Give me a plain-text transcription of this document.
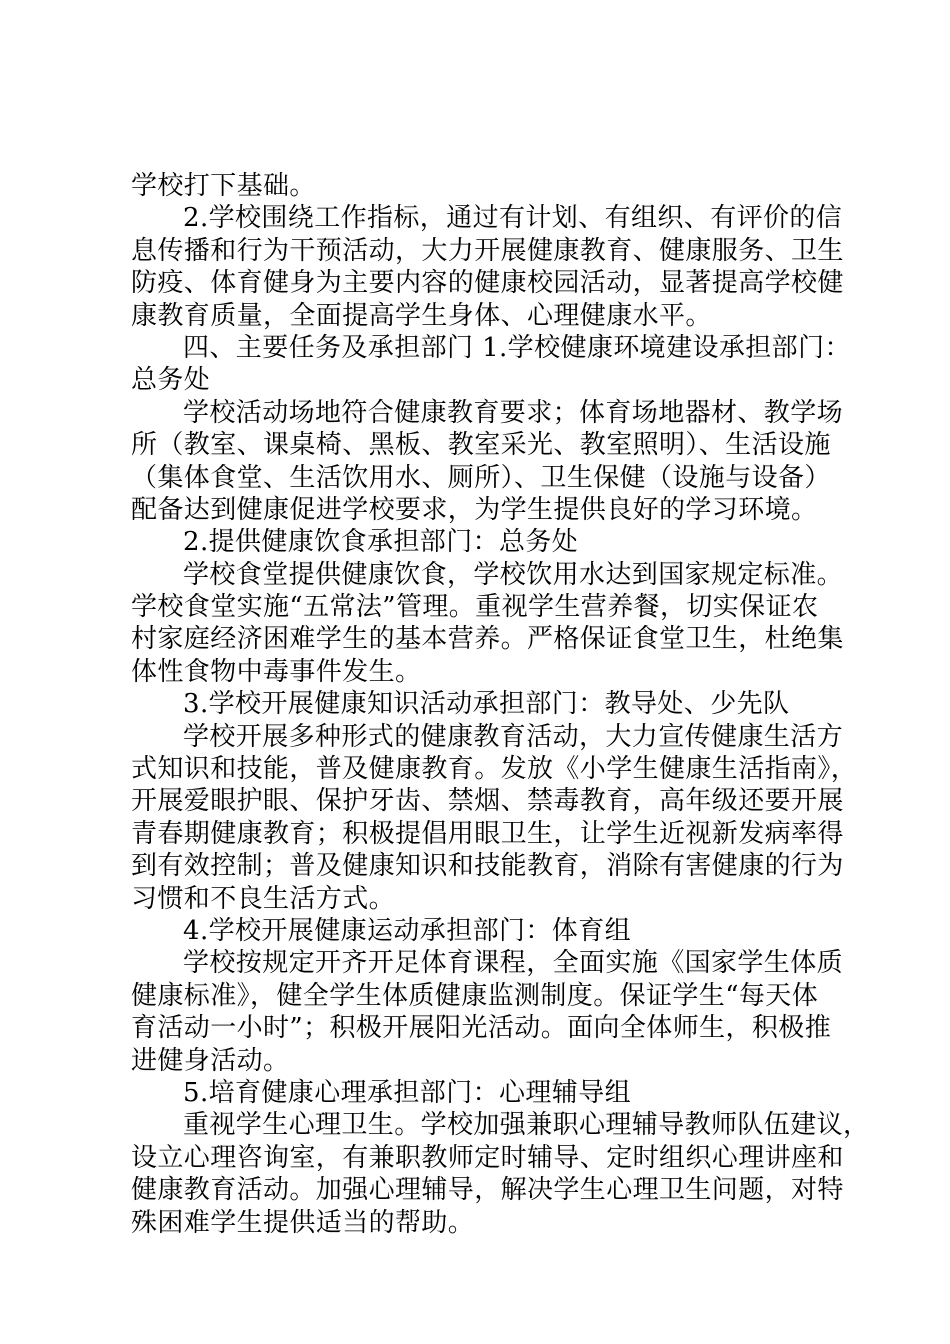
学校打下基础。
2.学校围绕工作指标，通过有计划、有组织、有评价的信
息传播和行为干预活动，大力开展健康教育、健康服务、卫生
防疫、体育健身为主要内容的健康校园活动，显著提高学校健
康教育质量，全面提高学生身体、心理健康水平。
四、主要任务及承担部门 1.学校健康环境建设承担部门：
总务处
学校活动场地符合健康教育要求；体育场地器材、教学场
所（教室、课桌椅、黑板、教室采光、教室照明）、生活设施
（集体食堂、生活饮用水、厕所）、卫生保健（设施与设备）
配备达到健康促进学校要求，为学生提供良好的学习环境。
2.提供健康饮食承担部门：总务处
学校食堂提供健康饮食，学校饮用水达到国家规定标准。
学校食堂实施“五常法”管理。重视学生营养餐，切实保证农
村家庭经济困难学生的基本营养。严格保证食堂卫生，杜绝集
体性食物中毒事件发生。
3.学校开展健康知识活动承担部门：教导处、少先队
学校开展多种形式的健康教育活动，大力宣传健康生活方
式知识和技能，普及健康教育。发放《小学生健康生活指南》，
开展爱眼护眼、保护牙齿、禁烟、禁毒教育，高年级还要开展
青春期健康教育；积极提倡用眼卫生，让学生近视新发病率得
到有效控制；普及健康知识和技能教育，消除有害健康的行为
习惯和不良生活方式。
4.学校开展健康运动承担部门：体育组
学校按规定开齐开足体育课程，全面实施《国家学生体质
健康标准》，健全学生体质健康监测制度。保证学生“每天体
育活动一小时”；积极开展阳光活动。面向全体师生，积极推
进健身活动。
5.培育健康心理承担部门：心理辅导组
重视学生心理卫生。学校加强兼职心理辅导教师队伍建议，
设立心理咨询室，有兼职教师定时辅导、定时组织心理讲座和
健康教育活动。加强心理辅导，解决学生心理卫生问题，对特
殊困难学生提供适当的帮助。
